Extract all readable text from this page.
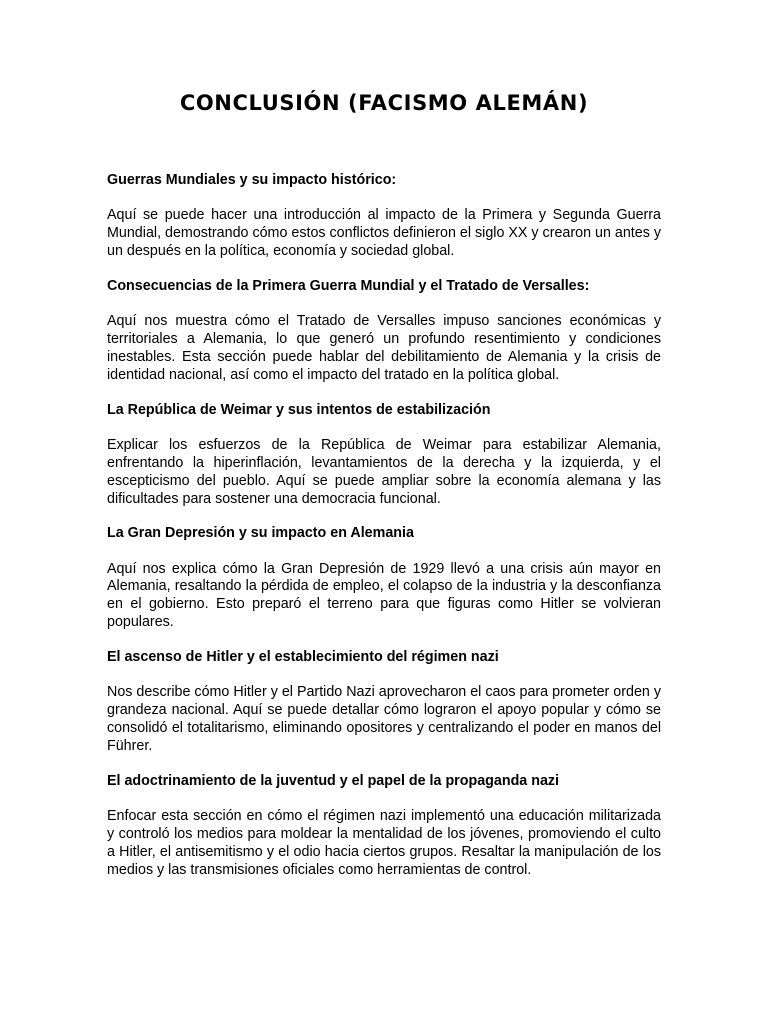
CONCLUSIÓN (FACISMO ALEMÁN)

Guerras Mundiales y su impacto histórico:

Aquí se puede hacer una introducción al impacto de la Primera y Segunda Guerra Mundial, demostrando cómo estos conflictos definieron el siglo XX y crearon un antes y un después en la política, economía y sociedad global.

Consecuencias de la Primera Guerra Mundial y el Tratado de Versalles:

Aquí nos muestra cómo el Tratado de Versalles impuso sanciones económicas y territoriales a Alemania, lo que generó un profundo resentimiento y condiciones inestables. Esta sección puede hablar del debilitamiento de Alemania y la crisis de identidad nacional, así como el impacto del tratado en la política global.

La República de Weimar y sus intentos de estabilización

Explicar los esfuerzos de la República de Weimar para estabilizar Alemania, enfrentando la hiperinflación, levantamientos de la derecha y la izquierda, y el escepticismo del pueblo. Aquí se puede ampliar sobre la economía alemana y las dificultades para sostener una democracia funcional.

La Gran Depresión y su impacto en Alemania

Aquí nos explica cómo la Gran Depresión de 1929 llevó a una crisis aún mayor en Alemania, resaltando la pérdida de empleo, el colapso de la industria y la desconfianza en el gobierno. Esto preparó el terreno para que figuras como Hitler se volvieran populares.

El ascenso de Hitler y el establecimiento del régimen nazi

Nos describe cómo Hitler y el Partido Nazi aprovecharon el caos para prometer orden y grandeza nacional. Aquí se puede detallar cómo lograron el apoyo popular y cómo se consolidó el totalitarismo, eliminando opositores y centralizando el poder en manos del Führer.

El adoctrinamiento de la juventud y el papel de la propaganda nazi

Enfocar esta sección en cómo el régimen nazi implementó una educación militarizada y controló los medios para moldear la mentalidad de los jóvenes, promoviendo el culto a Hitler, el antisemitismo y el odio hacia ciertos grupos. Resaltar la manipulación de los medios y las transmisiones oficiales como herramientas de control.
